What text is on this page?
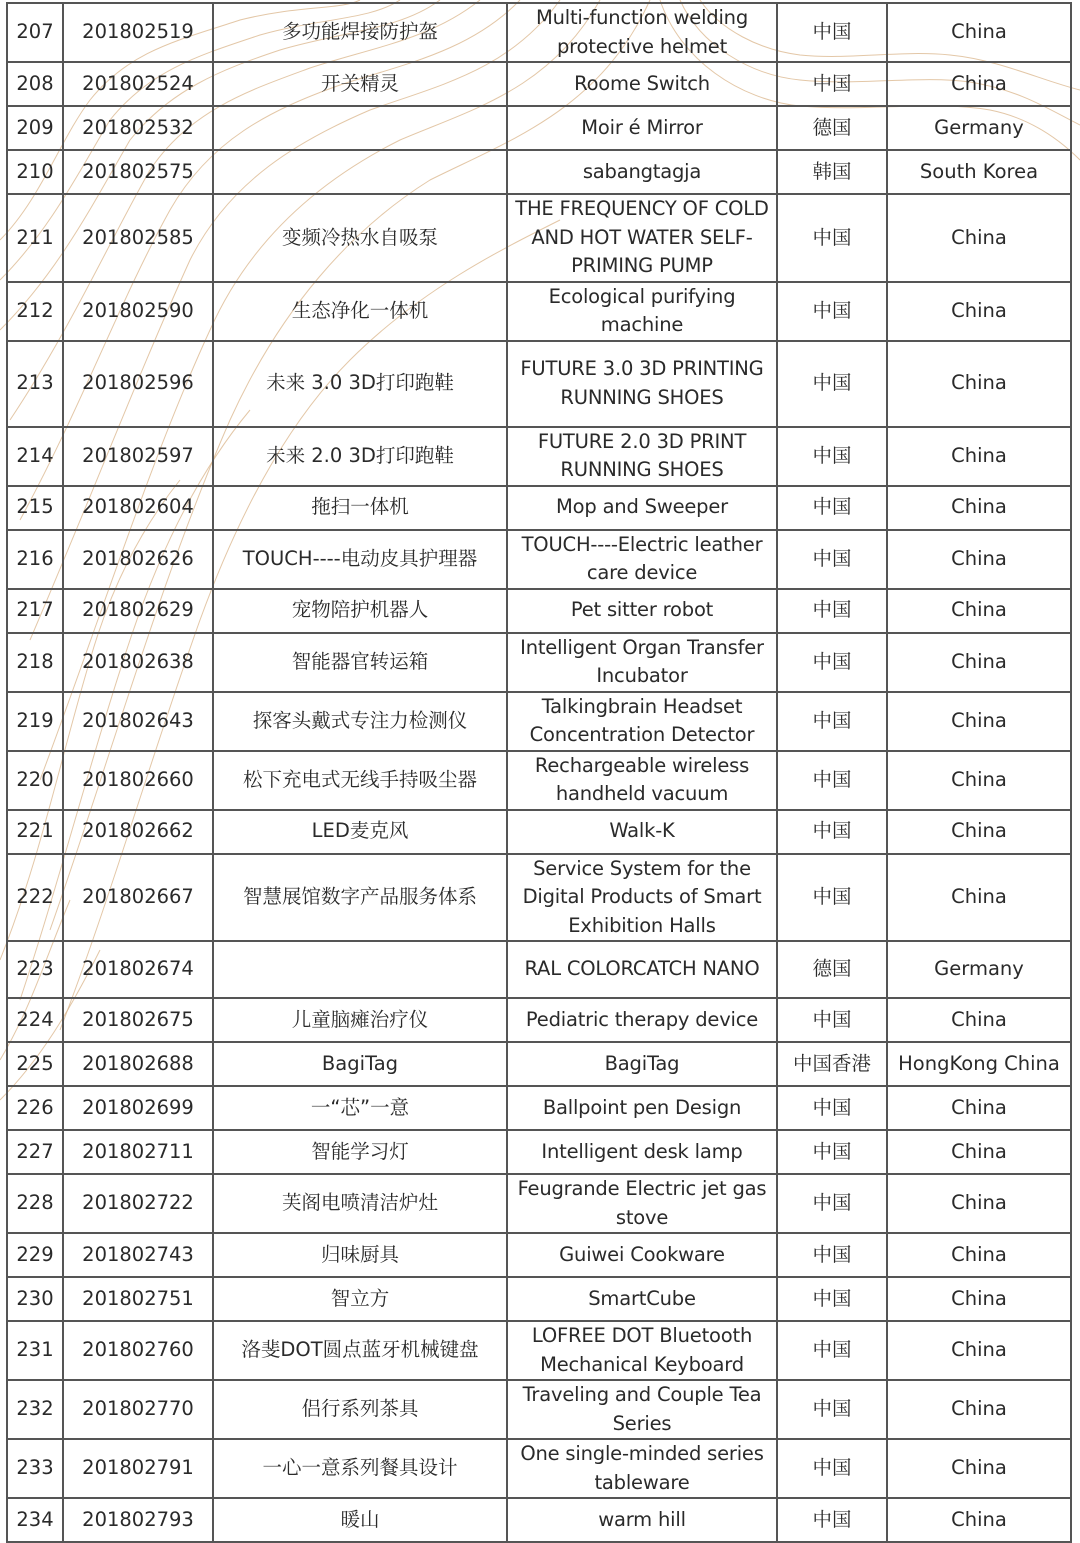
207	201802519	多功能焊接防护盔	Multi-function welding protective helmet	中国	China
208	201802524	开关精灵	Roome Switch	中国	China
209	201802532		Moir é Mirror	德国	Germany
210	201802575		sabangtagja	韩国	South Korea
211	201802585	变频冷热水自吸泵	THE FREQUENCY OF COLD AND HOT WATER SELF-PRIMING PUMP	中国	China
212	201802590	生态净化一体机	Ecological purifying machine	中国	China
213	201802596	未来 3.0 3D打印跑鞋	FUTURE 3.0 3D PRINTING RUNNING SHOES	中国	China
214	201802597	未来 2.0 3D打印跑鞋	FUTURE 2.0 3D PRINT RUNNING SHOES	中国	China
215	201802604	拖扫一体机	Mop and Sweeper	中国	China
216	201802626	TOUCH----电动皮具护理器	TOUCH----Electric leather care device	中国	China
217	201802629	宠物陪护机器人	Pet sitter robot	中国	China
218	201802638	智能器官转运箱	Intelligent Organ Transfer Incubator	中国	China
219	201802643	探客头戴式专注力检测仪	Talkingbrain Headset Concentration Detector	中国	China
220	201802660	松下充电式无线手持吸尘器	Rechargeable wireless handheld vacuum	中国	China
221	201802662	LED麦克风	Walk-K	中国	China
222	201802667	智慧展馆数字产品服务体系	Service System for the Digital Products of Smart Exhibition Halls	中国	China
223	201802674		RAL COLORCATCH NANO	德国	Germany
224	201802675	儿童脑瘫治疗仪	Pediatric therapy device	中国	China
225	201802688	BagiTag	BagiTag	中国香港	HongKong China
226	201802699	一“芯”一意	Ballpoint pen Design	中国	China
227	201802711	智能学习灯	Intelligent desk lamp	中国	China
228	201802722	芙阁电喷清洁炉灶	Feugrande Electric jet gas stove	中国	China
229	201802743	归味厨具	Guiwei Cookware	中国	China
230	201802751	智立方	SmartCube	中国	China
231	201802760	洛斐DOT圆点蓝牙机械键盘	LOFREE DOT Bluetooth Mechanical Keyboard	中国	China
232	201802770	侣行系列茶具	Traveling and Couple Tea Series	中国	China
233	201802791	一心一意系列餐具设计	One single-minded series tableware	中国	China
234	201802793	暖山	warm hill	中国	China
